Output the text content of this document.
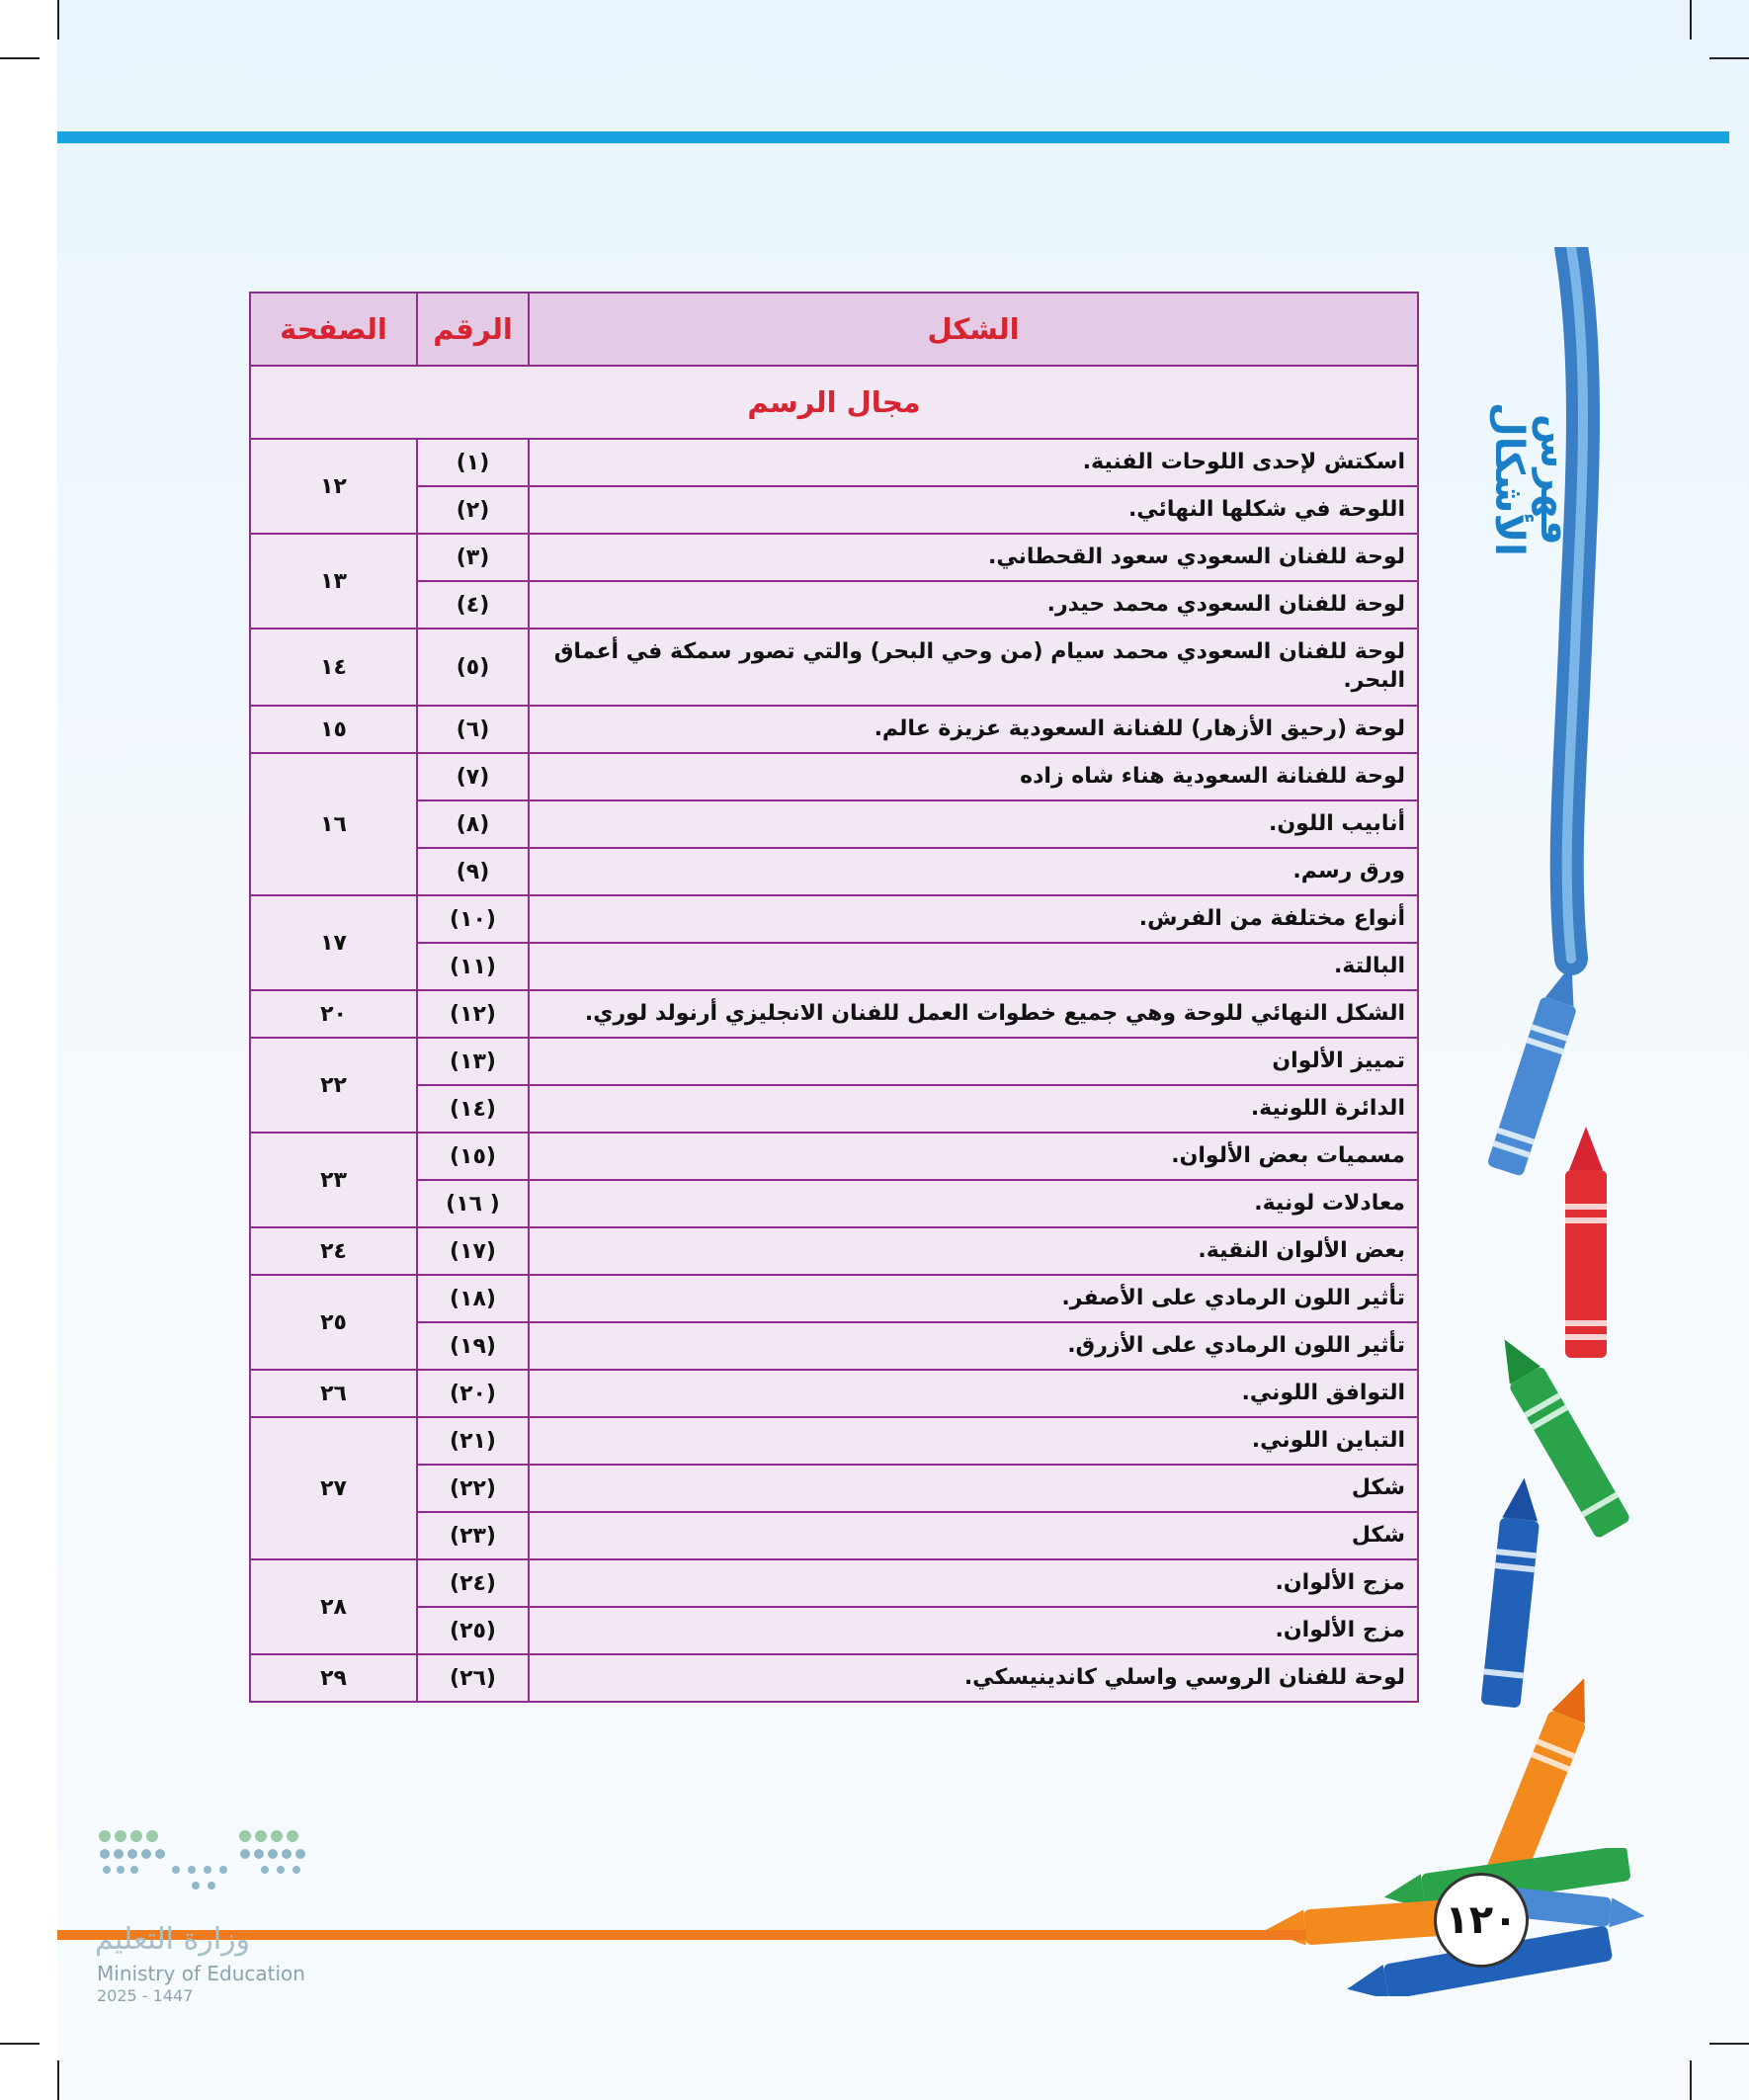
الشكل	الرقم	الصفحة
مجال الرسم		
اسكتش لإحدى اللوحات الفنية.	(١)	١٢
اللوحة في شكلها النهائي.	(٢)	
لوحة للفنان السعودي سعود القحطاني.	(٣)	١٣
لوحة للفنان السعودي محمد حيدر.	(٤)	
لوحة للفنان السعودي محمد سيام (من وحي البحر) والتي تصور سمكة في أعماق البحر.	(٥)	١٤
لوحة (رحيق الأزهار) للفنانة السعودية عزيزة عالم.	(٦)	١٥
لوحة للفنانة السعودية هناء شاه زاده	(٧)	١٦
أنابيب اللون.	(٨)	
ورق رسم.	(٩)	
أنواع مختلفة من الفرش.	(١٠)	١٧
البالتة.	(١١)	
الشكل النهائي للوحة وهي جميع خطوات العمل للفنان الانجليزي أرنولد لوري.	(١٢)	٢٠
تمييز الألوان	(١٣)	٢٢
الدائرة اللونية.	(١٤)	
مسميات بعض الألوان.	(١٥)	٢٣
معادلات لونية.	( ١٦)	
بعض الألوان النقية.	(١٧)	٢٤
تأثير اللون الرمادي على الأصفر.	(١٨)	٢٥
تأثير اللون الرمادي على الأزرق.	(١٩)	
التوافق اللوني.	(٢٠)	٢٦
التباين اللوني.	(٢١)	٢٧
شكل	(٢٢)	
شكل	(٢٣)	
مزج الألوان.	(٢٤)	٢٨
مزج الألوان.	(٢٥)	
لوحة للفنان الروسي واسلي كاندينيسكي.	(٢٦)	٢٩
فهرس الأشكال
١٢٠
وزارة التعليم
Ministry of Education
2025 - 1447
